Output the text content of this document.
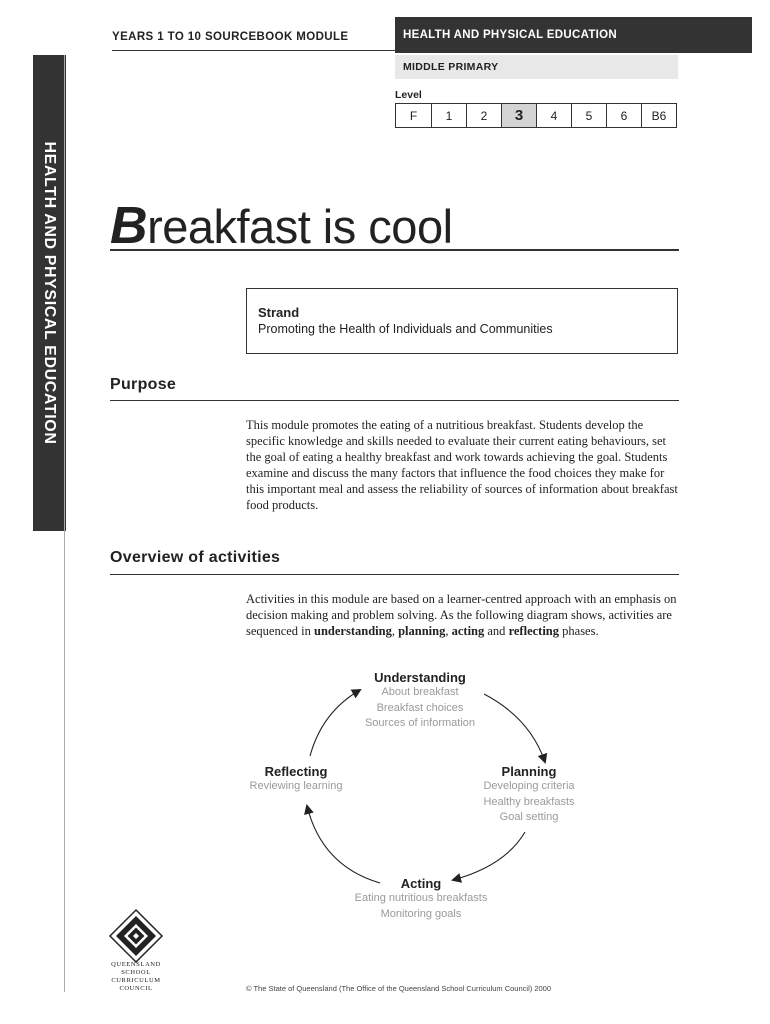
YEARS 1 TO 10 SOURCEBOOK MODULE	HEALTH AND PHYSICAL EDUCATION
MIDDLE PRIMARY
HEALTH AND PHYSICAL EDUCATION
Level
F	1	2	3	4	5	6	B6
Breakfast is cool
Strand
Promoting the Health of Individuals and Communities
Purpose
This module promotes the eating of a nutritious breakfast. Students develop the specific knowledge and skills needed to evaluate their current eating behaviours, set the goal of eating a healthy breakfast and work towards achieving the goal. Students examine and discuss the many factors that influence the food choices they make for this important meal and assess the reliability of sources of information about breakfast food products.
Overview of activities
Activities in this module are based on a learner-centred approach with an emphasis on decision making and problem solving. As the following diagram shows, activities are sequenced in understanding, planning, acting and reflecting phases.
Understanding
About breakfast
Breakfast choices
Sources of information
Planning
Developing criteria
Healthy breakfasts
Goal setting
Reflecting
Reviewing learning
Acting
Eating nutritious breakfasts
Monitoring goals
QUEENSLAND
SCHOOL
CURRICULUM
COUNCIL	© The State of Queensland (The Office of the Queensland School Curriculum Council) 2000
